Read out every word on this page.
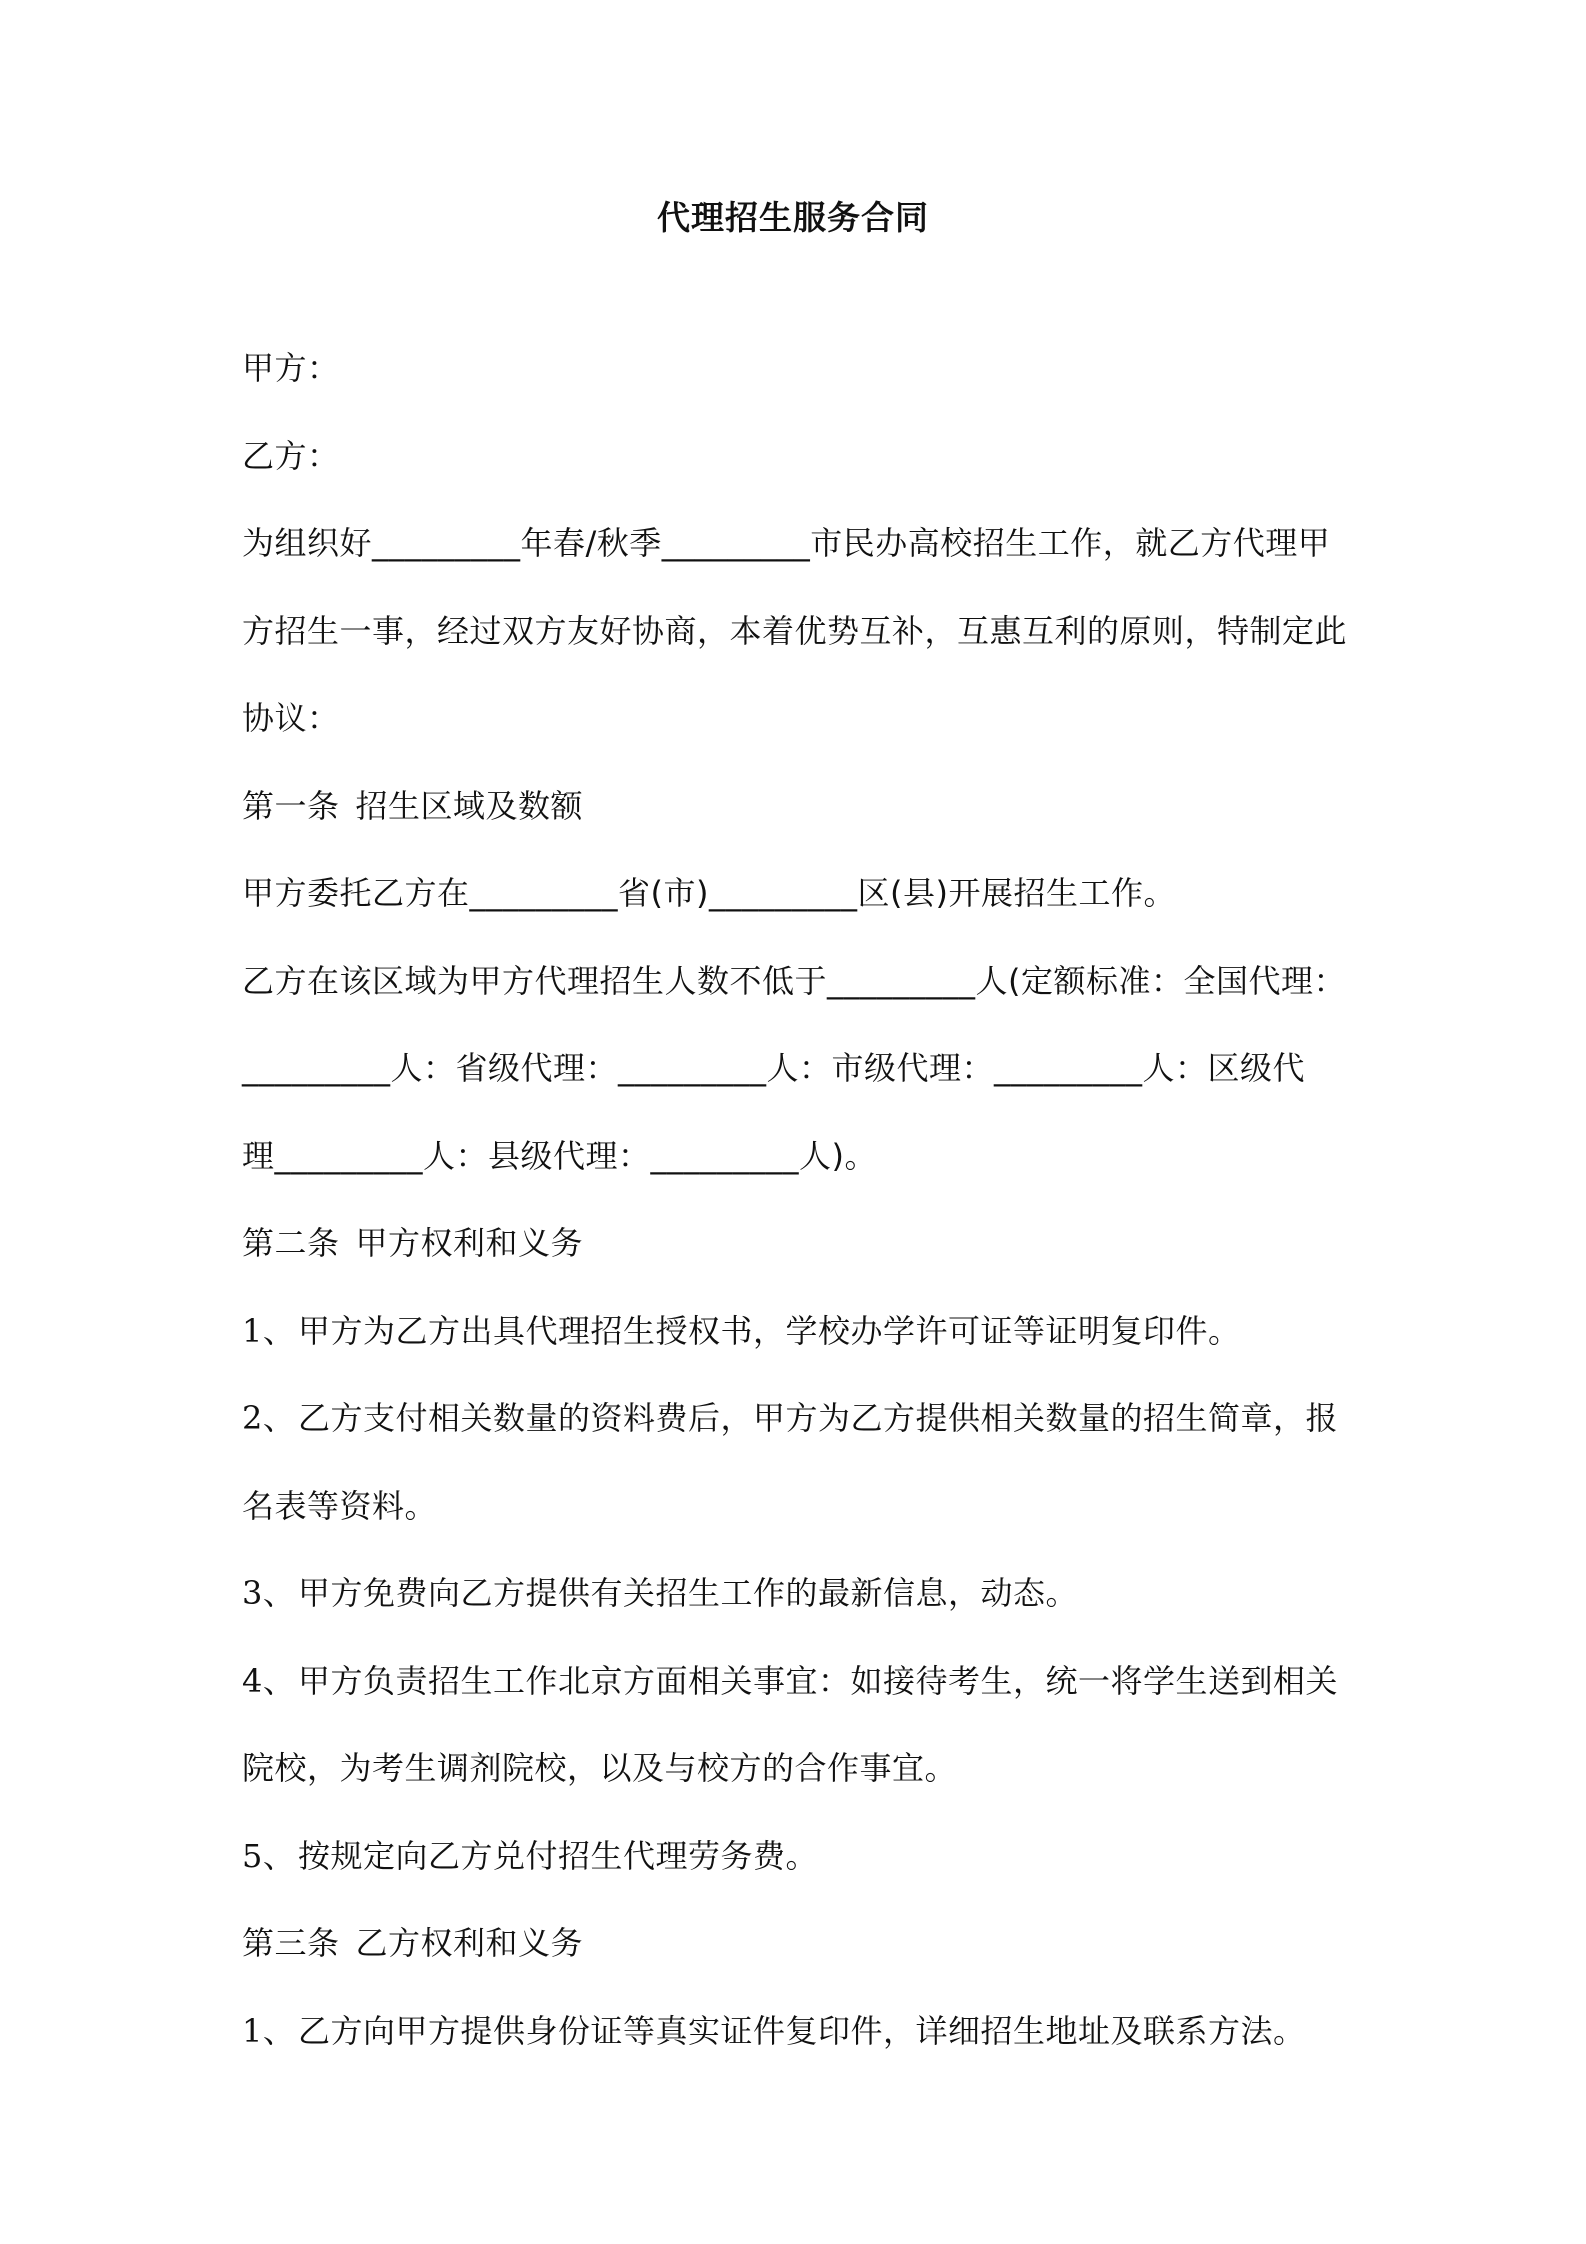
代理招生服务合同
甲方：
乙方：
为组织好_________年春/秋季_________市民办高校招生工作，就乙方代理甲
方招生一事，经过双方友好协商，本着优势互补，互惠互利的原则，特制定此
协议：
第一条 招生区域及数额
甲方委托乙方在_________省(市)_________区(县)开展招生工作。
乙方在该区域为甲方代理招生人数不低于_________人(定额标准：全国代理：
_________人：省级代理：_________人：市级代理：_________人：区级代
理_________人：县级代理：_________人)。
第二条 甲方权利和义务
1、甲方为乙方出具代理招生授权书，学校办学许可证等证明复印件。
2、乙方支付相关数量的资料费后，甲方为乙方提供相关数量的招生简章，报
名表等资料。
3、甲方免费向乙方提供有关招生工作的最新信息，动态。
4、甲方负责招生工作北京方面相关事宜：如接待考生，统一将学生送到相关
院校，为考生调剂院校，以及与校方的合作事宜。
5、按规定向乙方兑付招生代理劳务费。
第三条 乙方权利和义务
1、乙方向甲方提供身份证等真实证件复印件，详细招生地址及联系方法。
